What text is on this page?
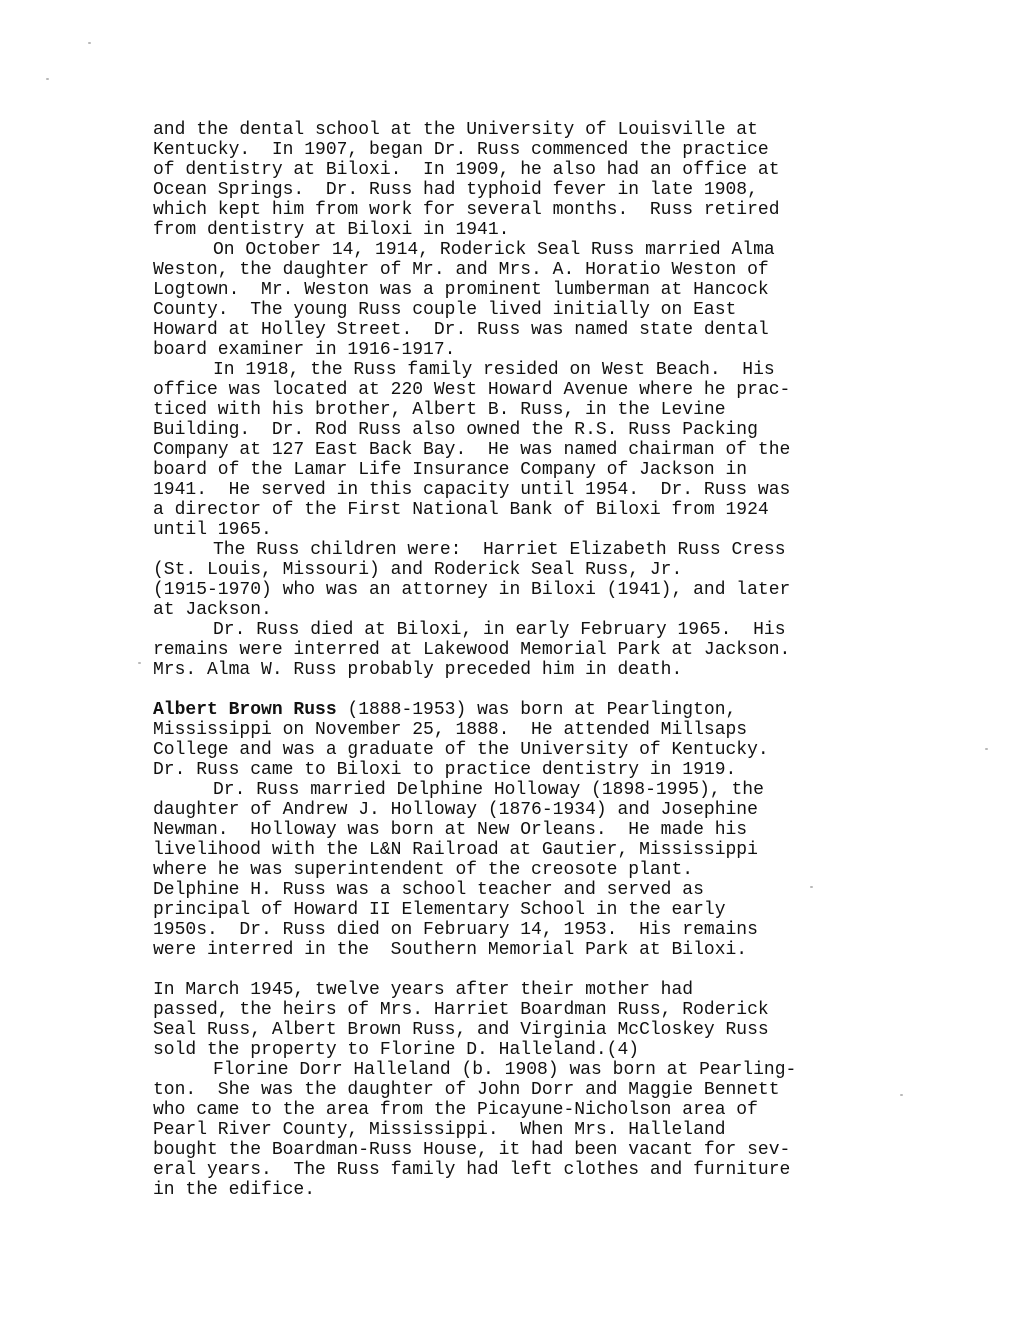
and the dental school at the University of Louisville at
Kentucky.  In 1907, began Dr. Russ commenced the practice
of dentistry at Biloxi.  In 1909, he also had an office at
Ocean Springs.  Dr. Russ had typhoid fever in late 1908,
which kept him from work for several months.  Russ retired
from dentistry at Biloxi in 1941.
On October 14, 1914, Roderick Seal Russ married Alma
Weston, the daughter of Mr. and Mrs. A. Horatio Weston of
Logtown.  Mr. Weston was a prominent lumberman at Hancock
County.  The young Russ couple lived initially on East
Howard at Holley Street.  Dr. Russ was named state dental
board examiner in 1916-1917.
In 1918, the Russ family resided on West Beach.  His
office was located at 220 West Howard Avenue where he prac-
ticed with his brother, Albert B. Russ, in the Levine
Building.  Dr. Rod Russ also owned the R.S. Russ Packing
Company at 127 East Back Bay.  He was named chairman of the
board of the Lamar Life Insurance Company of Jackson in
1941.  He served in this capacity until 1954.  Dr. Russ was
a director of the First National Bank of Biloxi from 1924
until 1965.
The Russ children were:  Harriet Elizabeth Russ Cress
(St. Louis, Missouri) and Roderick Seal Russ, Jr.
(1915-1970) who was an attorney in Biloxi (1941), and later
at Jackson.
Dr. Russ died at Biloxi, in early February 1965.  His
remains were interred at Lakewood Memorial Park at Jackson.
Mrs. Alma W. Russ probably preceded him in death.
Albert Brown Russ (1888-1953) was born at Pearlington,
Mississippi on November 25, 1888.  He attended Millsaps
College and was a graduate of the University of Kentucky.
Dr. Russ came to Biloxi to practice dentistry in 1919.
Dr. Russ married Delphine Holloway (1898-1995), the
daughter of Andrew J. Holloway (1876-1934) and Josephine
Newman.  Holloway was born at New Orleans.  He made his
livelihood with the L&N Railroad at Gautier, Mississippi
where he was superintendent of the creosote plant.
Delphine H. Russ was a school teacher and served as
principal of Howard II Elementary School in the early
1950s.  Dr. Russ died on February 14, 1953.  His remains
were interred in the  Southern Memorial Park at Biloxi.
In March 1945, twelve years after their mother had
passed, the heirs of Mrs. Harriet Boardman Russ, Roderick
Seal Russ, Albert Brown Russ, and Virginia McCloskey Russ
sold the property to Florine D. Halleland.(4)
Florine Dorr Halleland (b. 1908) was born at Pearling-
ton.  She was the daughter of John Dorr and Maggie Bennett
who came to the area from the Picayune-Nicholson area of
Pearl River County, Mississippi.  When Mrs. Halleland
bought the Boardman-Russ House, it had been vacant for sev-
eral years.  The Russ family had left clothes and furniture
in the edifice.
